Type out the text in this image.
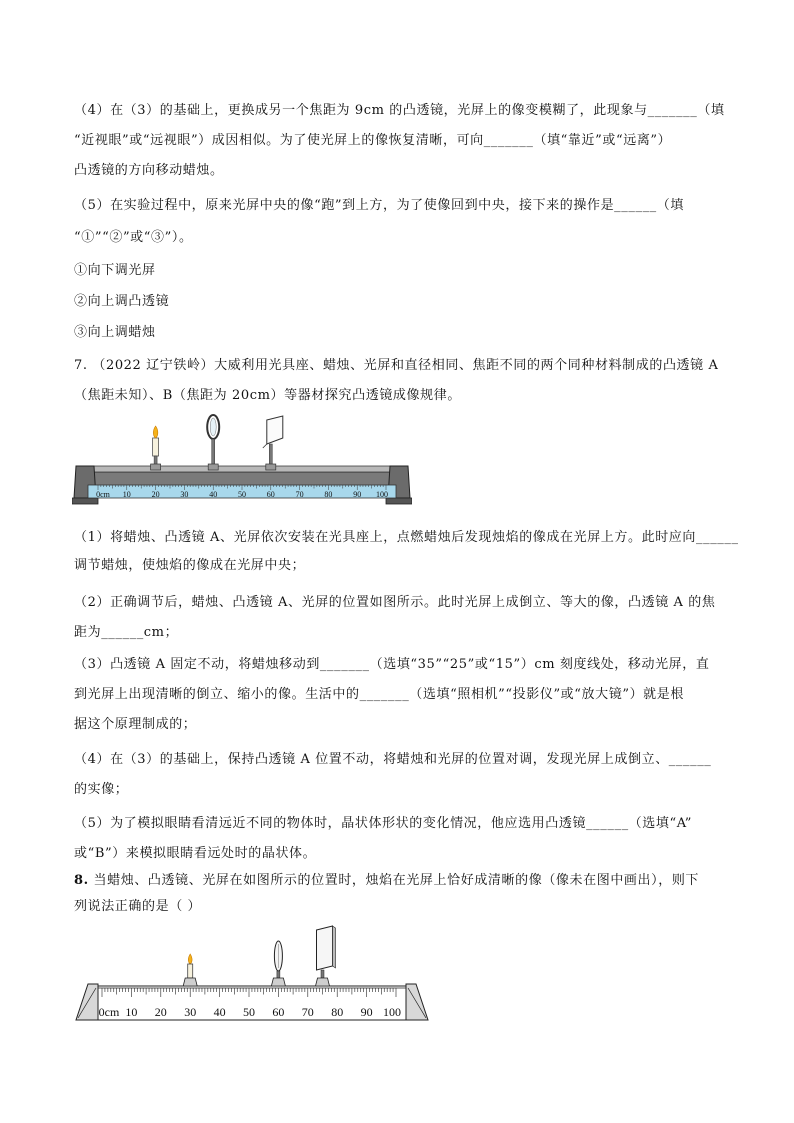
（4）在（3）的基础上，更换成另一个焦距为 9cm 的凸透镜，光屏上的像变模糊了，此现象与_______（填
“近视眼”或“远视眼”）成因相似。为了使光屏上的像恢复清晰，可向_______（填“靠近”或“远离”）
凸透镜的方向移动蜡烛。
（5）在实验过程中，原来光屏中央的像“跑”到上方，为了使像回到中央，接下来的操作是______（填
“①”“②”或“③”）。
①向下调光屏
②向上调凸透镜
③向上调蜡烛
7. （2022 辽宁铁岭）大威利用光具座、蜡烛、光屏和直径相同、焦距不同的两个同种材料制成的凸透镜 A
（焦距未知）、B（焦距为 20cm）等器材探究凸透镜成像规律。
0cm 10	20	30	40	50	60	70	80	90 100
（1）将蜡烛、凸透镜 A、光屏依次安装在光具座上，点燃蜡烛后发现烛焰的像成在光屏上方。此时应向______
调节蜡烛，使烛焰的像成在光屏中央；
（2）正确调节后，蜡烛、凸透镜 A、光屏的位置如图所示。此时光屏上成倒立、等大的像，凸透镜 A 的焦
距为______cm；
（3）凸透镜 A 固定不动，将蜡烛移动到_______（选填“35”“25”或“15”）cm 刻度线处，移动光屏，直
到光屏上出现清晰的倒立、缩小的像。生活中的_______（选填“照相机”“投影仪”或“放大镜”）就是根
据这个原理制成的；
（4）在（3）的基础上，保持凸透镜 A 位置不动，将蜡烛和光屏的位置对调，发现光屏上成倒立、______
的实像；
（5）为了模拟眼睛看清远近不同的物体时，晶状体形状的变化情况，他应选用凸透镜______（选填“A”
或“B”）来模拟眼睛看远处时的晶状体。
8. 当蜡烛、凸透镜、光屏在如图所示的位置时，烛焰在光屏上恰好成清晰的像（像未在图中画出），则下
列说法正确的是（ ）
0cm 10 20 30 40 50 60 70 80 90 100
